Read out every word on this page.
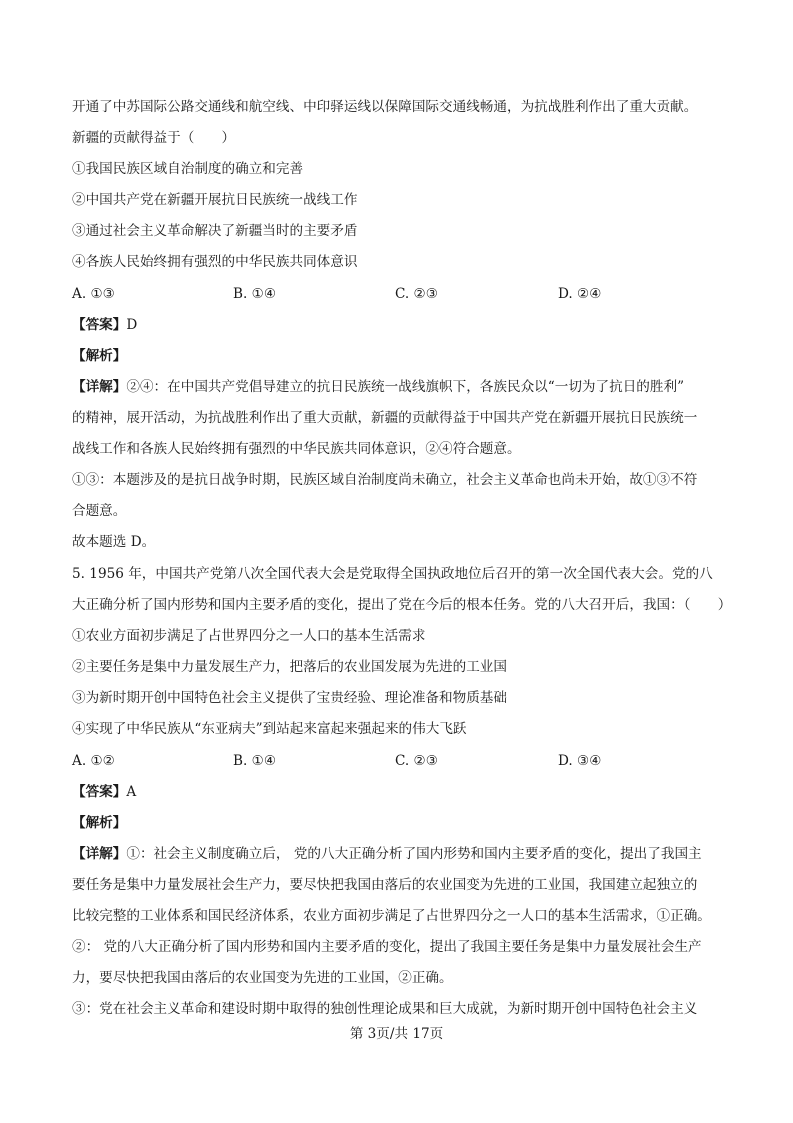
开通了中苏国际公路交通线和航空线、中印驿运线以保障国际交通线畅通，为抗战胜利作出了重大贡献。
新疆的贡献得益于（　　）
①我国民族区域自治制度的确立和完善
②中国共产党在新疆开展抗日民族统一战线工作
③通过社会主义革命解决了新疆当时的主要矛盾
④各族人民始终拥有强烈的中华民族共同体意识
A. ①③	B. ①④	C. ②③	D. ②④
【答案】D
【解析】
【详解】②④：在中国共产党倡导建立的抗日民族统一战线旗帜下，各族民众以“一切为了抗日的胜利”
的精神，展开活动，为抗战胜利作出了重大贡献，新疆的贡献得益于中国共产党在新疆开展抗日民族统一
战线工作和各族人民始终拥有强烈的中华民族共同体意识，②④符合题意。
①③：本题涉及的是抗日战争时期，民族区域自治制度尚未确立，社会主义革命也尚未开始，故①③不符
合题意。
故本题选 D。
5. 1956 年，中国共产党第八次全国代表大会是党取得全国执政地位后召开的第一次全国代表大会。党的八
大正确分析了国内形势和国内主要矛盾的变化，提出了党在今后的根本任务。党的八大召开后，我国：（　　）
①农业方面初步满足了占世界四分之一人口的基本生活需求
②主要任务是集中力量发展生产力，把落后的农业国发展为先进的工业国
③为新时期开创中国特色社会主义提供了宝贵经验、理论准备和物质基础
④实现了中华民族从“东亚病夫”到站起来富起来强起来的伟大飞跃
A. ①②	B. ①④	C. ②③	D. ③④
【答案】A
【解析】
【详解】①：社会主义制度确立后， 党的八大正确分析了国内形势和国内主要矛盾的变化，提出了我国主
要任务是集中力量发展社会生产力，要尽快把我国由落后的农业国变为先进的工业国，我国建立起独立的
比较完整的工业体系和国民经济体系，农业方面初步满足了占世界四分之一人口的基本生活需求，①正确。
②： 党的八大正确分析了国内形势和国内主要矛盾的变化，提出了我国主要任务是集中力量发展社会生产
力，要尽快把我国由落后的农业国变为先进的工业国，②正确。
③：党在社会主义革命和建设时期中取得的独创性理论成果和巨大成就，为新时期开创中国特色社会主义
第 3页/共 17页
